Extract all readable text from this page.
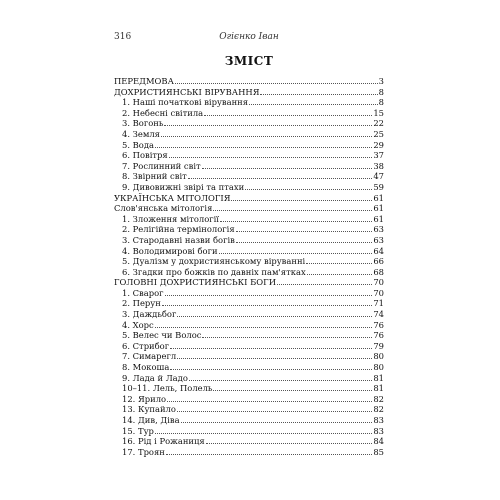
316	Огієнко Іван
ЗМІСТ
ПЕРЕДМОВА	3
ДОХРИСТИЯНСЬКІ ВІРУВАННЯ	8
1. Наші початкові вірування	8
2. Небесні світила	15
3. Вогонь	22
4. Земля	25
5. Вода	29
6. Повітря	37
7. Рослинний світ	38
8. Звірний світ	47
9. Дивовижні звірі та птахи	59
УКРАЇНСЬКА МІТОЛОГІЯ	61
Слов'янська мітологія	61
1. Зложення мітології	61
2. Релігійна термінологія	63
3. Стародавні назви богів	63
4. Володимирові боги	64
5. Дуалізм у дохристиянському віруванні	66
6. Згадки про божків по давніх пам'ятках	68
ГОЛОВНІ ДОХРИСТИЯНСЬКІ БОГИ	70
1. Сварог	70
2. Перун	71
3. Даждьбог	74
4. Хорс	76
5. Велес чи Волос	76
6. Стрибог	79
7. Симарегл	80
8. Мокоша	80
9. Лада й Ладо	81
10–11. Лель, Полель	81
12. Ярило	82
13. Купайло	82
14. Див, Діва	83
15. Тур	83
16. Рід і Рожаниця	84
17. Троян	85
